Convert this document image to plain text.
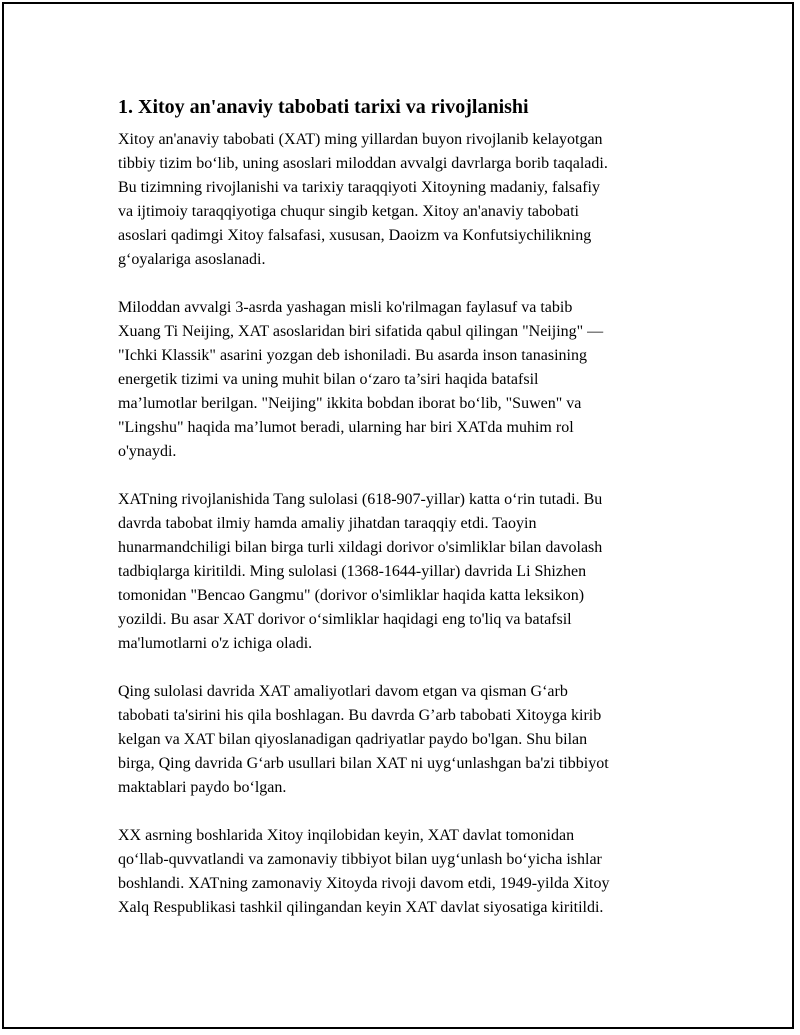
1. Xitoy an'anaviy tabobati tarixi va rivojlanishi

Xitoy an'anaviy tabobati (XAT) ming yillardan buyon rivojlanib kelayotgan
tibbiy tizim boʻlib, uning asoslari miloddan avvalgi davrlarga borib taqaladi.
Bu tizimning rivojlanishi va tarixiy taraqqiyoti Xitoyning madaniy, falsafiy
va ijtimoiy taraqqiyotiga chuqur singib ketgan. Xitoy an'anaviy tabobati
asoslari qadimgi Xitoy falsafasi, xususan, Daoizm va Konfutsiychilikning
gʻoyalariga asoslanadi.

Miloddan avvalgi 3-asrda yashagan misli ko'rilmagan faylasuf va tabib
Xuang Ti Neijing, XAT asoslaridan biri sifatida qabul qilingan "Neijing" —
"Ichki Klassik" asarini yozgan deb ishoniladi. Bu asarda inson tanasining
energetik tizimi va uning muhit bilan oʻzaro ta’siri haqida batafsil
ma’lumotlar berilgan. "Neijing" ikkita bobdan iborat boʻlib, "Suwen" va
"Lingshu" haqida ma’lumot beradi, ularning har biri XATda muhim rol
o'ynaydi.

XATning rivojlanishida Tang sulolasi (618-907-yillar) katta oʻrin tutadi. Bu
davrda tabobat ilmiy hamda amaliy jihatdan taraqqiy etdi. Taoyin
hunarmandchiligi bilan birga turli xildagi dorivor o'simliklar bilan davolash
tadbiqlarga kiritildi. Ming sulolasi (1368-1644-yillar) davrida Li Shizhen
tomonidan "Bencao Gangmu" (dorivor o'simliklar haqida katta leksikon)
yozildi. Bu asar XAT dorivor oʻsimliklar haqidagi eng to'liq va batafsil
ma'lumotlarni o'z ichiga oladi.

Qing sulolasi davrida XAT amaliyotlari davom etgan va qisman Gʻarb
tabobati ta'sirini his qila boshlagan. Bu davrda G’arb tabobati Xitoyga kirib
kelgan va XAT bilan qiyoslanadigan qadriyatlar paydo bo'lgan. Shu bilan
birga, Qing davrida Gʻarb usullari bilan XAT ni uygʻunlashgan ba'zi tibbiyot
maktablari paydo boʻlgan.

XX asrning boshlarida Xitoy inqilobidan keyin, XAT davlat tomonidan
qoʻllab-quvvatlandi va zamonaviy tibbiyot bilan uygʻunlash boʻyicha ishlar
boshlandi. XATning zamonaviy Xitoyda rivoji davom etdi, 1949-yilda Xitoy
Xalq Respublikasi tashkil qilingandan keyin XAT davlat siyosatiga kiritildi.
